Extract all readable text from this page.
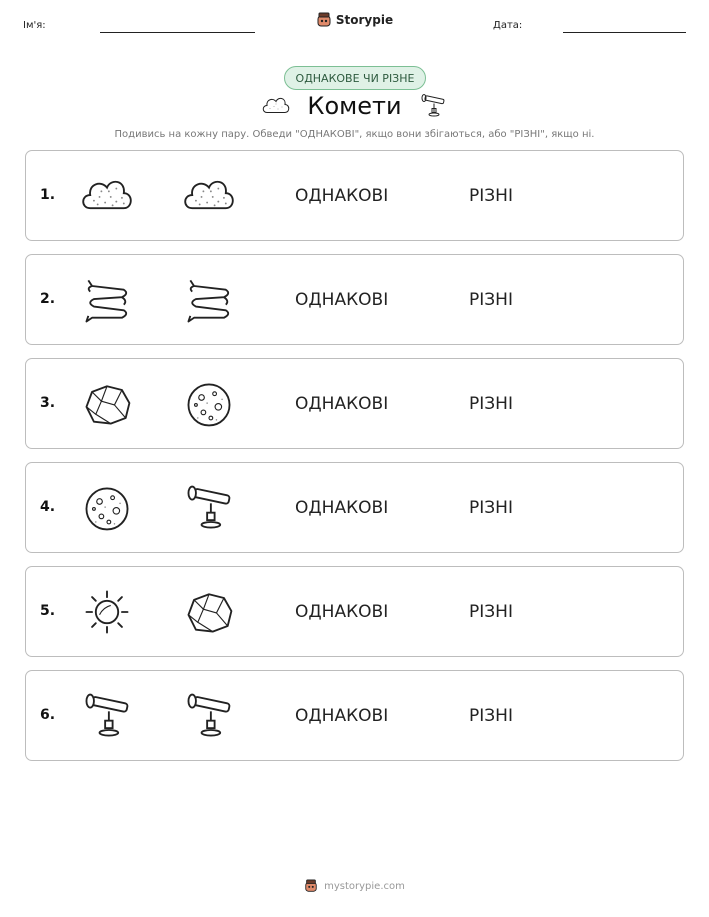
Ім'я:	Storypie	Дата:
ОДНАКОВЕ ЧИ РІЗНЕ
Комети
Подивись на кожну пару. Обведи "ОДНАКОВІ", якщо вони збігаються, або "РІЗНІ", якщо ні.
1.	ОДНАКОВІ	РІЗНІ
2.	ОДНАКОВІ	РІЗНІ
3.	ОДНАКОВІ	РІЗНІ
4.	ОДНАКОВІ	РІЗНІ
5.	ОДНАКОВІ	РІЗНІ
6.	ОДНАКОВІ	РІЗНІ
mystorypie.com
